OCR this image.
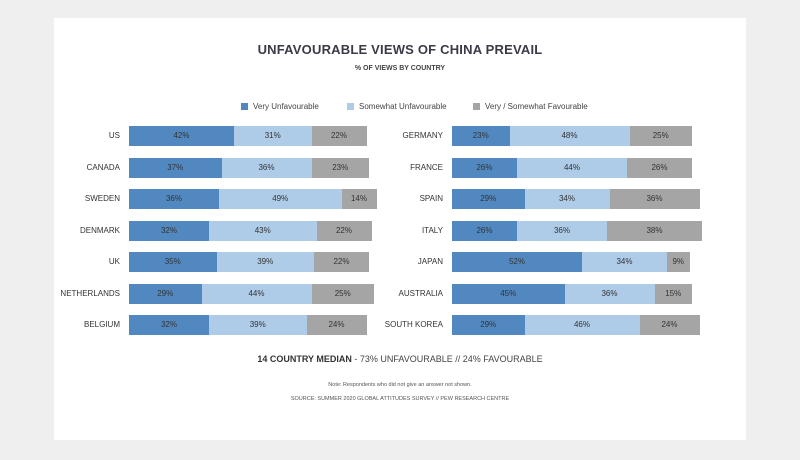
UNFAVOURABLE VIEWS OF CHINA PREVAIL
% OF VIEWS BY COUNTRY
Very Unfavourable	Somewhat Unfavourable	Very / Somewhat Favourable
US	42%	31%	22%
CANADA	37%	36%	23%
SWEDEN	36%	49%	14%
DENMARK	32%	43%	22%
UK	35%	39%	22%
NETHERLANDS	29%	44%	25%
BELGIUM	32%	39%	24%
GERMANY	23%	48%	25%
FRANCE	26%	44%	26%
SPAIN	29%	34%	36%
ITALY	26%	36%	38%
JAPAN	52%	34%	9%
AUSTRALIA	45%	36%	15%
SOUTH KOREA	29%	46%	24%
14 COUNTRY MEDIAN - 73% UNFAVOURABLE // 24% FAVOURABLE
Note: Respondents who did not give an answer not shown.
SOURCE: SUMMER 2020 GLOBAL ATTITUDES SURVEY // PEW RESEARCH CENTRE
